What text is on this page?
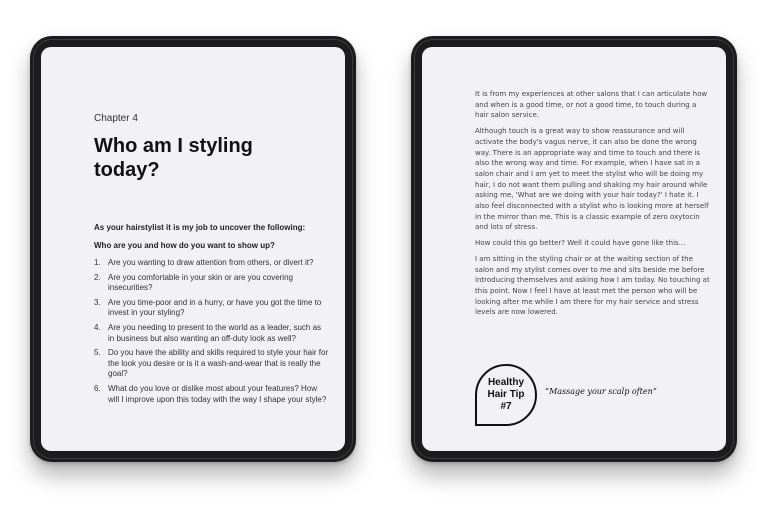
Chapter 4
Who am I styling
today?

As your hairstylist it is my job to uncover the following:

Who are you and how do you want to show up?

1. Are you wanting to draw attention from others, or divert it?
2. Are you comfortable in your skin or are you covering insecurities?
3. Are you time-poor and in a hurry, or have you got the time to invest in your styling?
4. Are you needing to present to the world as a leader, such as in business but also wanting an off-duty look as well?
5. Do you have the ability and skills required to style your hair for the look you desire or is it a wash-and-wear that is really the goal?
6. What do you love or dislike most about your features? How will I improve upon this today with the way I shape your style?

It is from my experiences at other salons that I can articulate how and when is a good time, or not a good time, to touch during a hair salon service.

Although touch is a great way to show reassurance and will activate the body's vagus nerve, it can also be done the wrong way. There is an appropriate way and time to touch and there is also the wrong way and time. For example, when I have sat in a salon chair and I am yet to meet the stylist who will be doing my hair, I do not want them pulling and shaking my hair around while asking me, 'What are we doing with your hair today?' I hate it. I also feel disconnected with a stylist who is looking more at herself in the mirror than me. This is a classic example of zero oxytocin and lots of stress.

How could this go better? Well it could have gone like this...

I am sitting in the styling chair or at the waiting section of the salon and my stylist comes over to me and sits beside me before introducing themselves and asking how I am today. No touching at this point. Now I feel I have at least met the person who will be looking after me while I am there for my hair service and stress levels are now lowered.

Healthy
Hair Tip
#7
“Massage your scalp often”
